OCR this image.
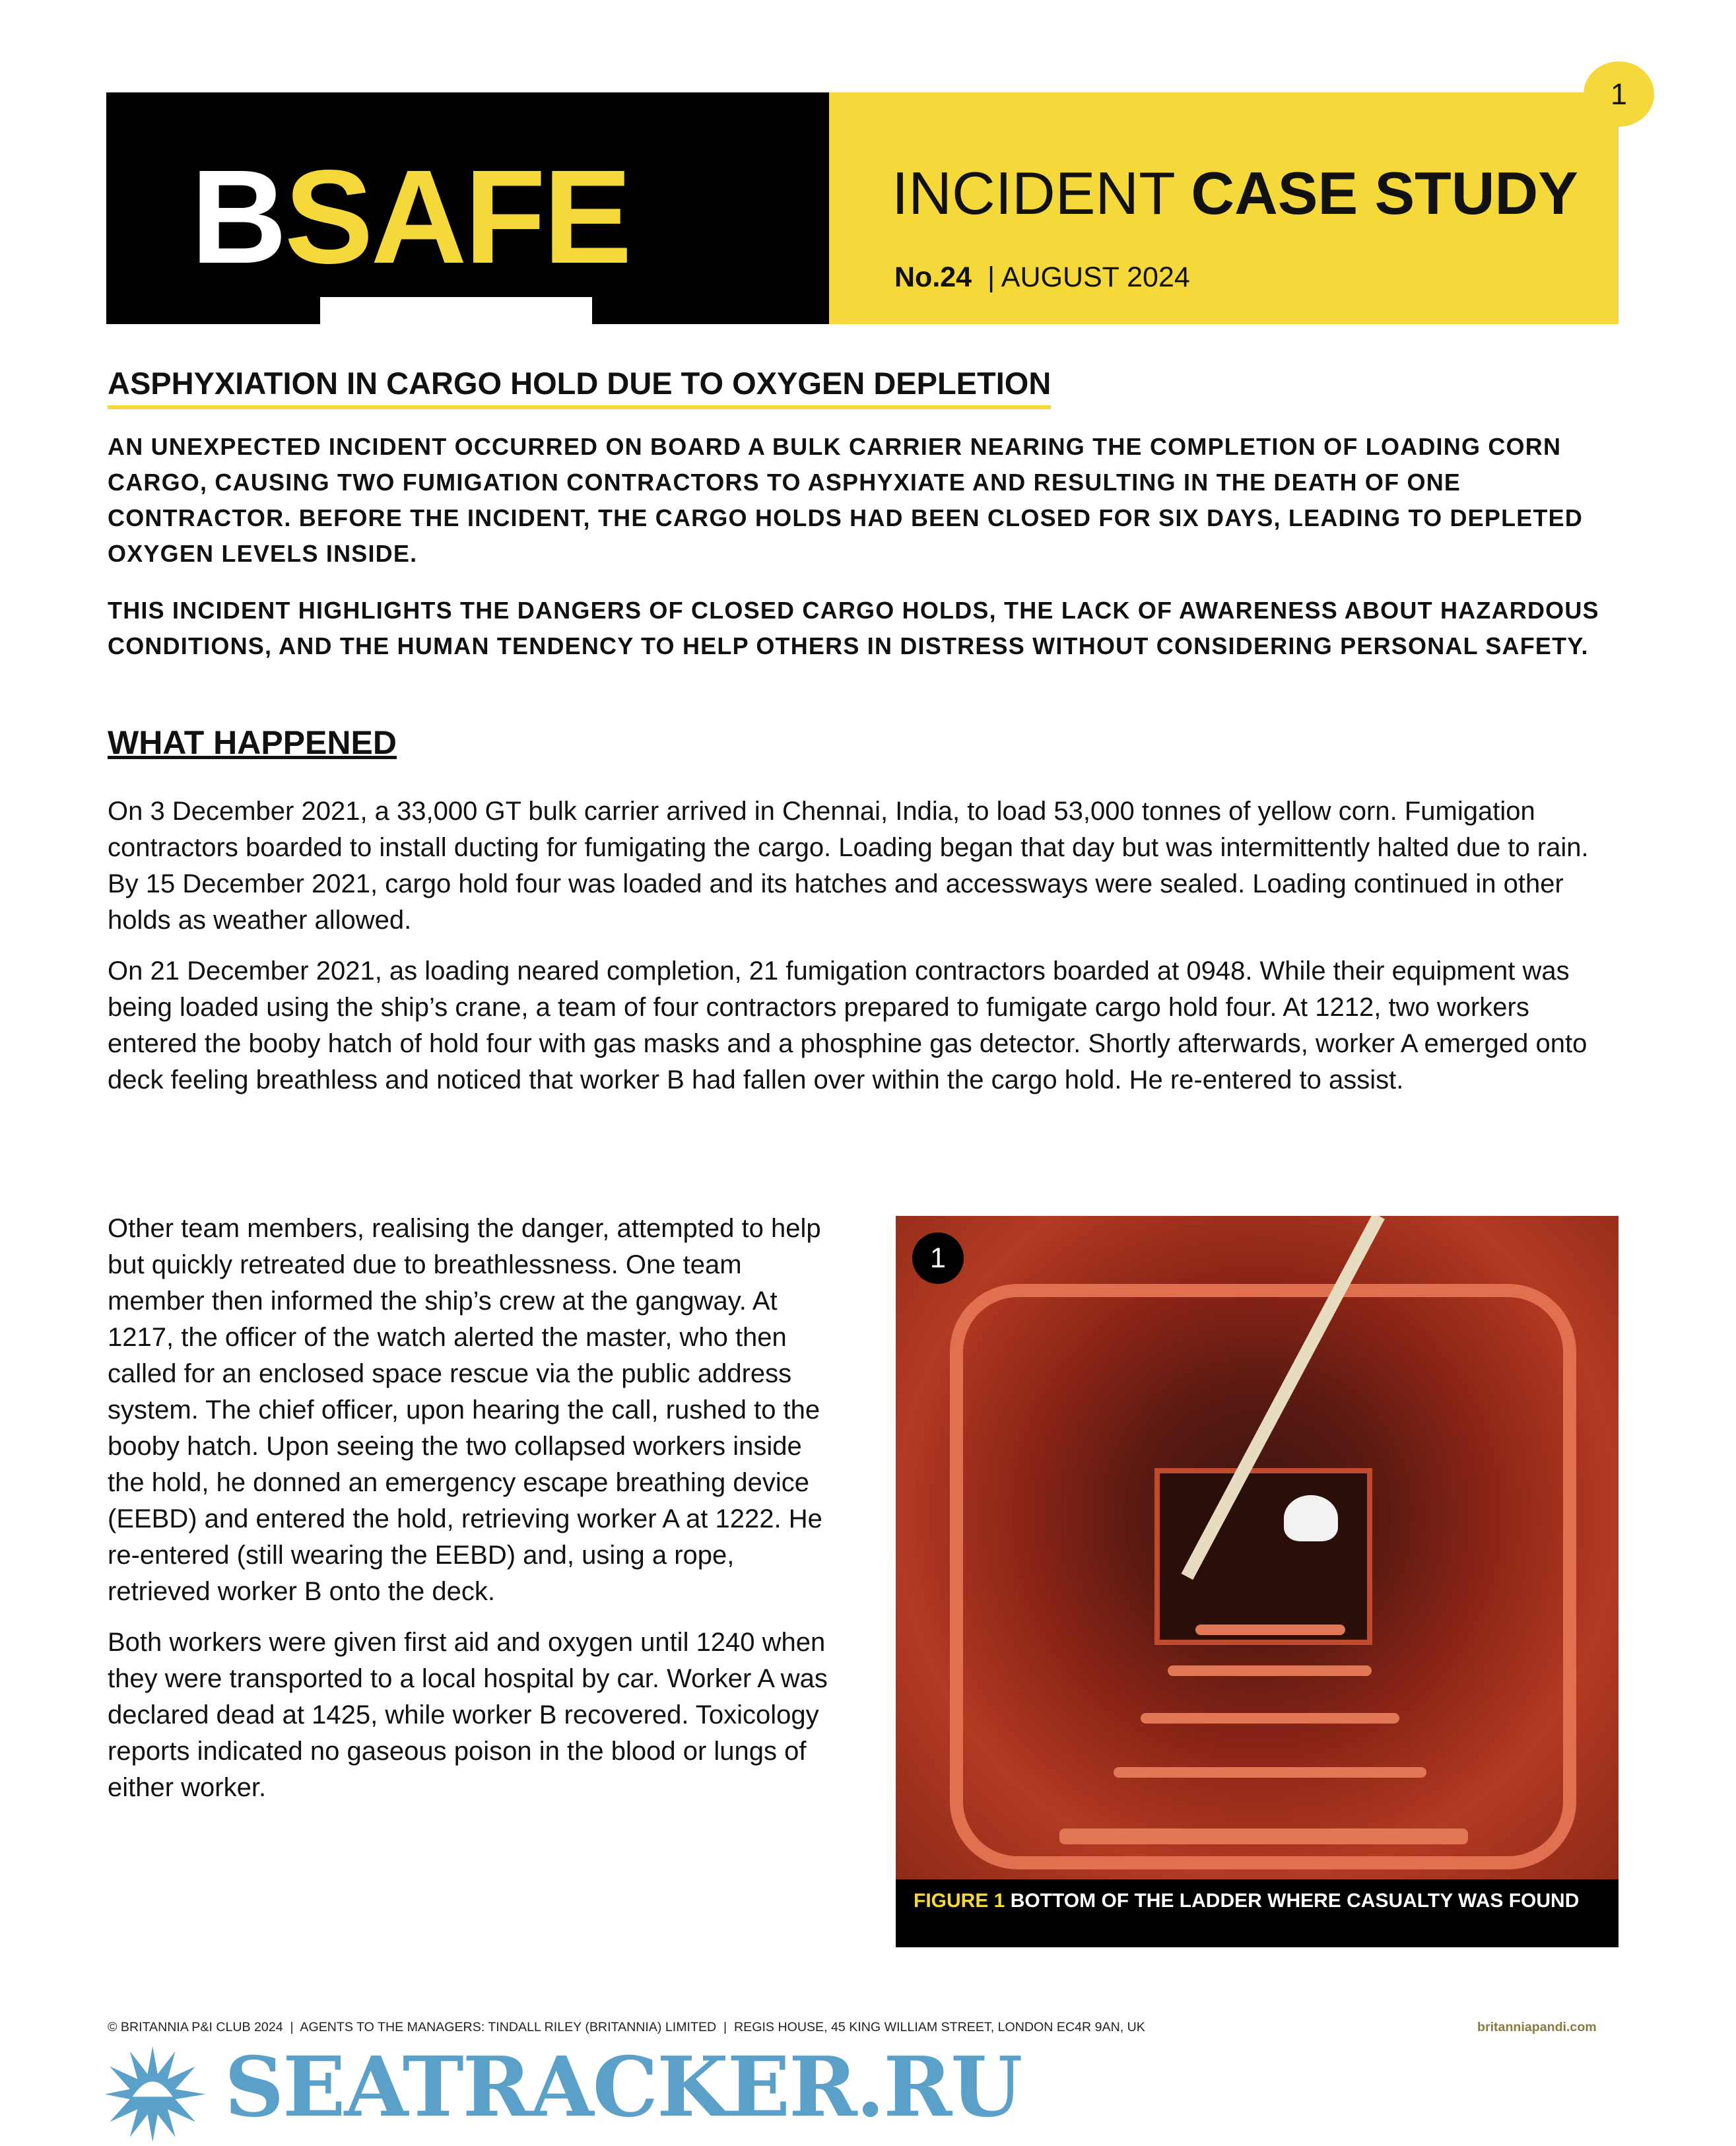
1
BSAFE	INCIDENT CASE STUDY
No.24 | AUGUST 2024
ASPHYXIATION IN CARGO HOLD DUE TO OXYGEN DEPLETION
AN UNEXPECTED INCIDENT OCCURRED ON BOARD A BULK CARRIER NEARING THE COMPLETION OF LOADING CORN CARGO, CAUSING TWO FUMIGATION CONTRACTORS TO ASPHYXIATE AND RESULTING IN THE DEATH OF ONE CONTRACTOR. BEFORE THE INCIDENT, THE CARGO HOLDS HAD BEEN CLOSED FOR SIX DAYS, LEADING TO DEPLETED OXYGEN LEVELS INSIDE.
THIS INCIDENT HIGHLIGHTS THE DANGERS OF CLOSED CARGO HOLDS, THE LACK OF AWARENESS ABOUT HAZARDOUS CONDITIONS, AND THE HUMAN TENDENCY TO HELP OTHERS IN DISTRESS WITHOUT CONSIDERING PERSONAL SAFETY.
WHAT HAPPENED
On 3 December 2021, a 33,000 GT bulk carrier arrived in Chennai, India, to load 53,000 tonnes of yellow corn. Fumigation contractors boarded to install ducting for fumigating the cargo. Loading began that day but was intermittently halted due to rain. By 15 December 2021, cargo hold four was loaded and its hatches and accessways were sealed. Loading continued in other holds as weather allowed.
On 21 December 2021, as loading neared completion, 21 fumigation contractors boarded at 0948. While their equipment was being loaded using the ship’s crane, a team of four contractors prepared to fumigate cargo hold four. At 1212, two workers entered the booby hatch of hold four with gas masks and a phosphine gas detector. Shortly afterwards, worker A emerged onto deck feeling breathless and noticed that worker B had fallen over within the cargo hold. He re-entered to assist.
Other team members, realising the danger, attempted to help but quickly retreated due to breathlessness. One team member then informed the ship’s crew at the gangway. At 1217, the officer of the watch alerted the master, who then called for an enclosed space rescue via the public address system. The chief officer, upon hearing the call, rushed to the booby hatch. Upon seeing the two collapsed workers inside the hold, he donned an emergency escape breathing device (EEBD) and entered the hold, retrieving worker A at 1222. He re-entered (still wearing the EEBD) and, using a rope, retrieved worker B onto the deck.
Both workers were given first aid and oxygen until 1240 when they were transported to a local hospital by car. Worker A was declared dead at 1425, while worker B recovered. Toxicology reports indicated no gaseous poison in the blood or lungs of either worker.
1
FIGURE 1 BOTTOM OF THE LADDER WHERE CASUALTY WAS FOUND
© BRITANNIA P&I CLUB 2024  |  AGENTS TO THE MANAGERS: TINDALL RILEY (BRITANNIA) LIMITED  |  REGIS HOUSE, 45 KING WILLIAM STREET, LONDON EC4R 9AN, UK	britanniapandi.com
SEATRACKER.RU
